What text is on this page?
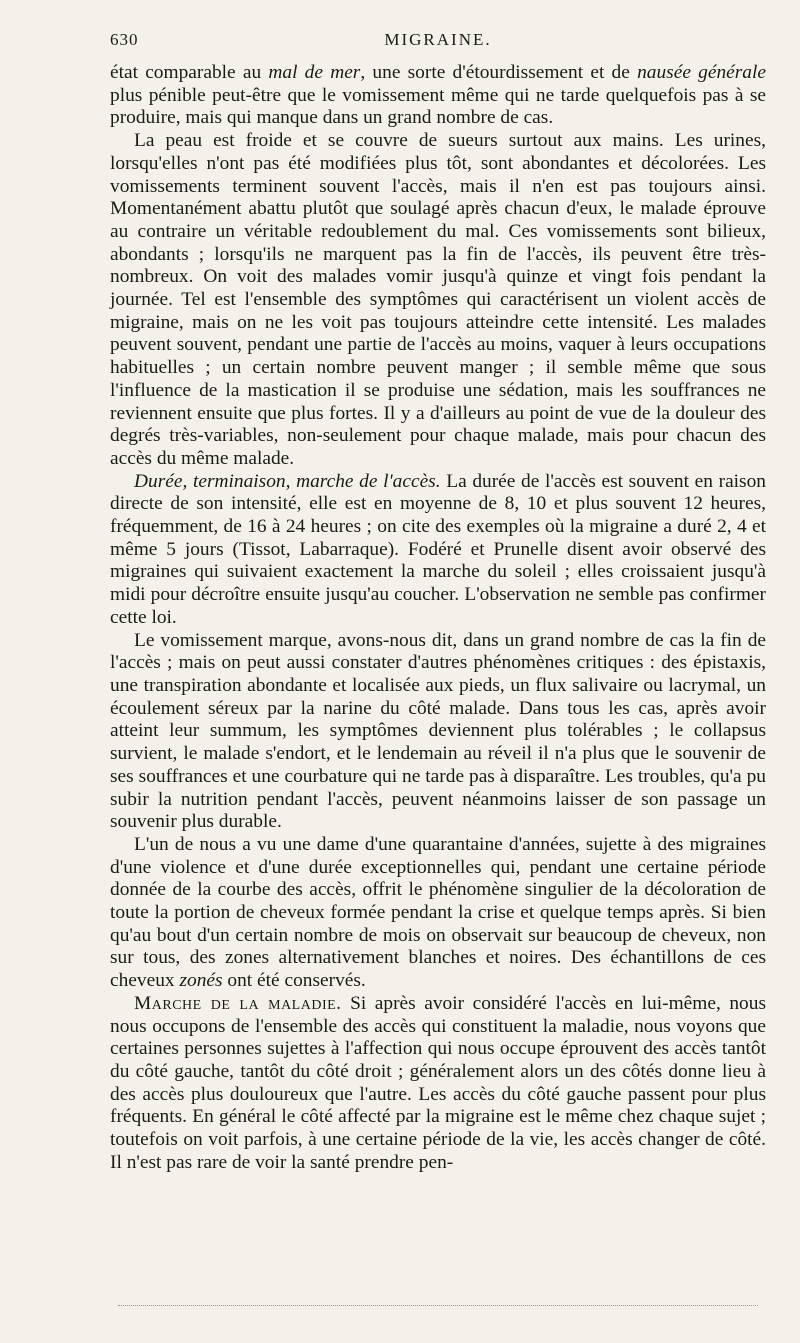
630	MIGRAINE.

état comparable au mal de mer, une sorte d'étourdissement et de nausée générale plus pénible peut-être que le vomissement même qui ne tarde quelquefois pas à se produire, mais qui manque dans un grand nombre de cas.

La peau est froide et se couvre de sueurs surtout aux mains. Les urines, lorsqu'elles n'ont pas été modifiées plus tôt, sont abondantes et décolorées. Les vomissements terminent souvent l'accès, mais il n'en est pas toujours ainsi. Momentanément abattu plutôt que soulagé après chacun d'eux, le malade éprouve au contraire un véritable redoublement du mal. Ces vomissements sont bilieux, abondants ; lorsqu'ils ne marquent pas la fin de l'accès, ils peuvent être très-nombreux. On voit des malades vomir jusqu'à quinze et vingt fois pendant la journée. Tel est l'ensemble des symptômes qui caractérisent un violent accès de migraine, mais on ne les voit pas toujours atteindre cette intensité. Les malades peuvent souvent, pendant une partie de l'accès au moins, vaquer à leurs occupations habituelles ; un certain nombre peuvent manger ; il semble même que sous l'influence de la mastication il se produise une sédation, mais les souffrances ne reviennent ensuite que plus fortes. Il y a d'ailleurs au point de vue de la douleur des degrés très-variables, non-seulement pour chaque malade, mais pour chacun des accès du même malade.

Durée, terminaison, marche de l'accès. La durée de l'accès est souvent en raison directe de son intensité, elle est en moyenne de 8, 10 et plus souvent 12 heures, fréquemment, de 16 à 24 heures ; on cite des exemples où la migraine a duré 2, 4 et même 5 jours (Tissot, Labarraque). Fodéré et Prunelle disent avoir observé des migraines qui suivaient exactement la marche du soleil ; elles croissaient jusqu'à midi pour décroître ensuite jusqu'au coucher. L'observation ne semble pas confirmer cette loi.

Le vomissement marque, avons-nous dit, dans un grand nombre de cas la fin de l'accès ; mais on peut aussi constater d'autres phénomènes critiques : des épistaxis, une transpiration abondante et localisée aux pieds, un flux salivaire ou lacrymal, un écoulement séreux par la narine du côté malade. Dans tous les cas, après avoir atteint leur summum, les symptômes deviennent plus tolérables ; le collapsus survient, le malade s'endort, et le lendemain au réveil il n'a plus que le souvenir de ses souffrances et une courbature qui ne tarde pas à disparaître. Les troubles, qu'a pu subir la nutrition pendant l'accès, peuvent néanmoins laisser de son passage un souvenir plus durable.

L'un de nous a vu une dame d'une quarantaine d'années, sujette à des migraines d'une violence et d'une durée exceptionnelles qui, pendant une certaine période donnée de la courbe des accès, offrit le phénomène singulier de la décoloration de toute la portion de cheveux formée pendant la crise et quelque temps après. Si bien qu'au bout d'un certain nombre de mois on observait sur beaucoup de cheveux, non sur tous, des zones alternativement blanches et noires. Des échantillons de ces cheveux zonés ont été conservés.

Marche de la maladie. Si après avoir considéré l'accès en lui-même, nous nous occupons de l'ensemble des accès qui constituent la maladie, nous voyons que certaines personnes sujettes à l'affection qui nous occupe éprouvent des accès tantôt du côté gauche, tantôt du côté droit ; généralement alors un des côtés donne lieu à des accès plus douloureux que l'autre. Les accès du côté gauche passent pour plus fréquents. En général le côté affecté par la migraine est le même chez chaque sujet ; toutefois on voit parfois, à une certaine période de la vie, les accès changer de côté. Il n'est pas rare de voir la santé prendre pen-
